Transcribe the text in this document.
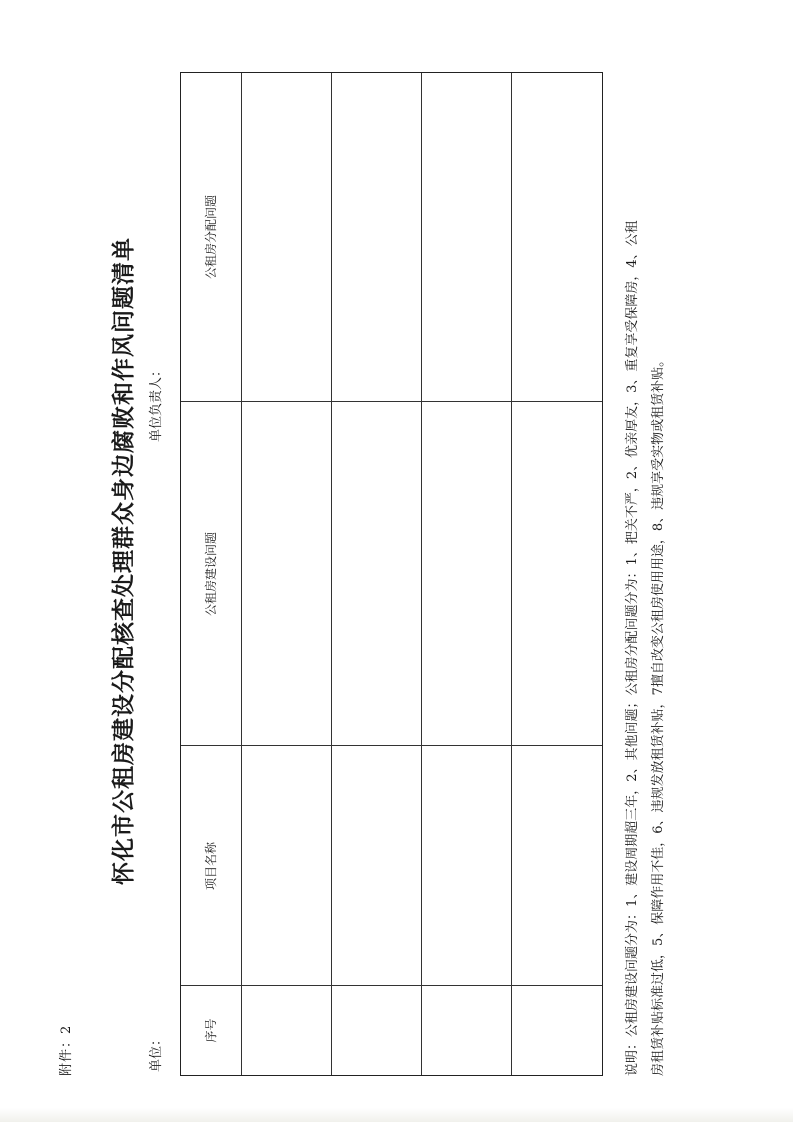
附件：2
怀化市公租房建设分配核查处理群众身边腐败和作风问题清单
单位：
单位负责人：
序号
项目名称
公租房建设问题
公租房分配问题	说明：公租房建设问题分为：1、建设周期超三年，2、其他问题；公租房分配问题分为：1、把关不严，2、优亲厚友，3、重复享受保障房，4、公租 房租赁补贴标准过低，5、保障作用不佳，6、违规发放租赁补贴，7擅自改变公租房使用用途，8、违规享受实物或租赁补贴。
